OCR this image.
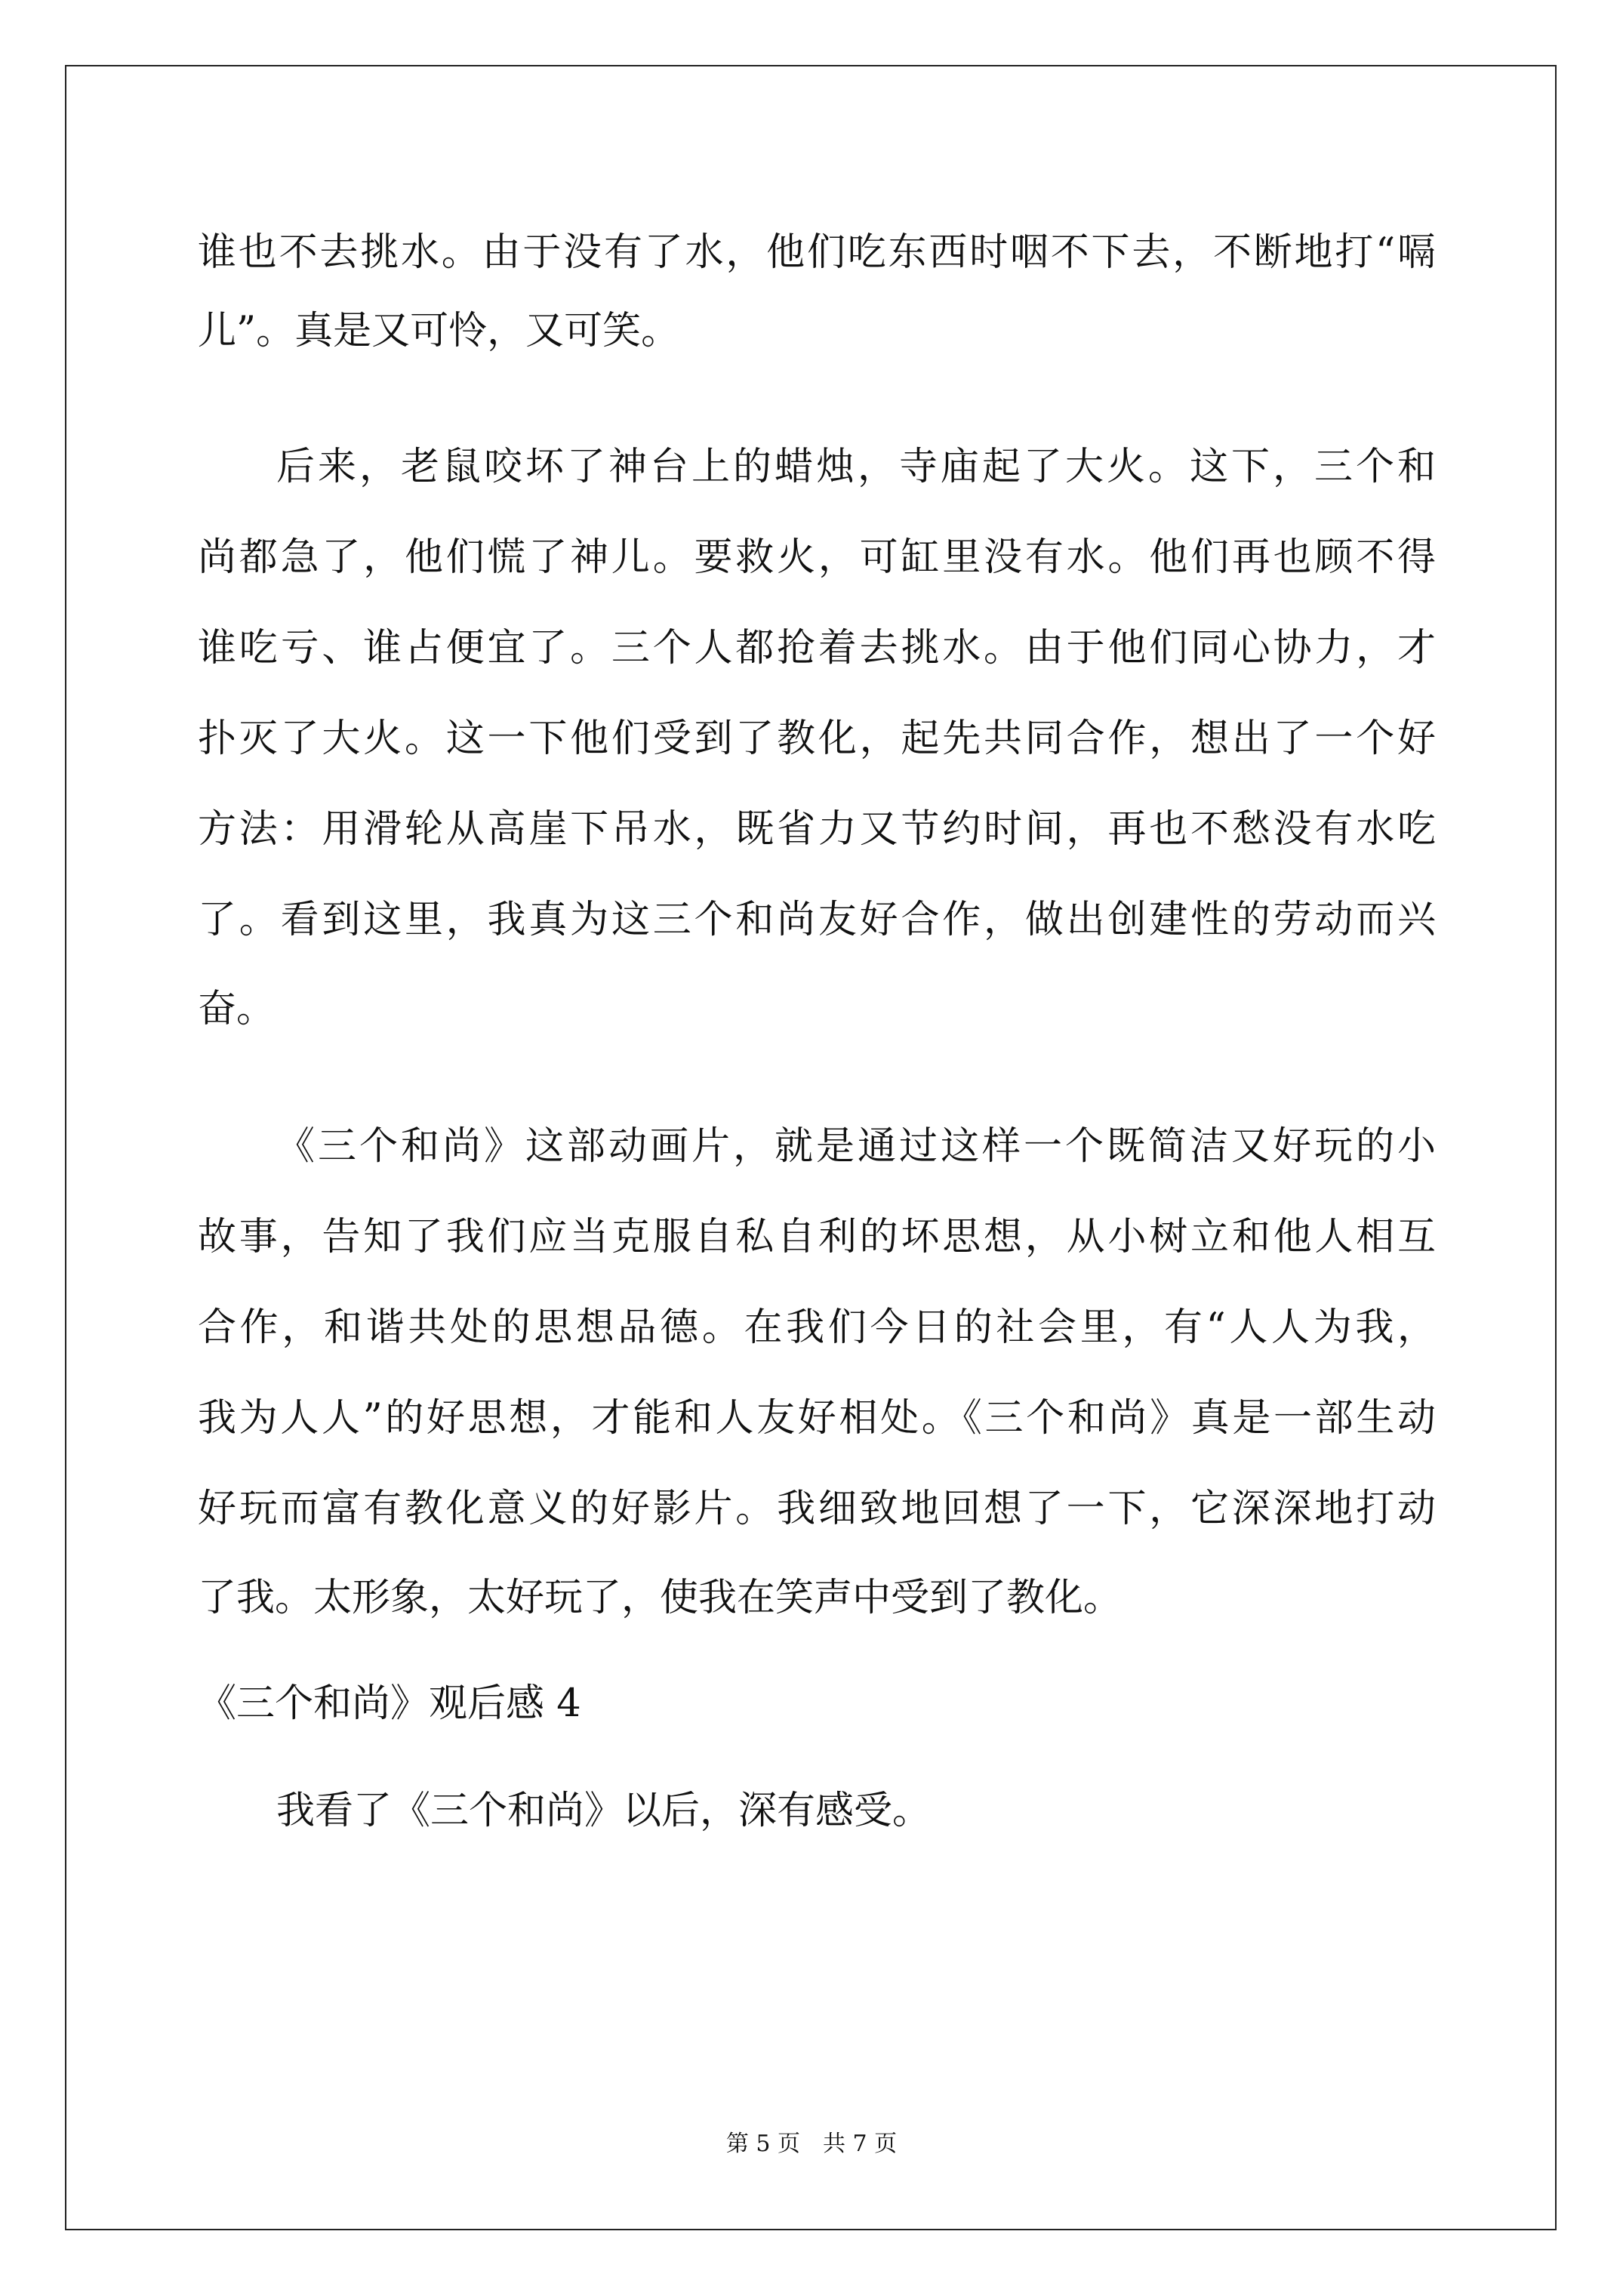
谁也不去挑水。由于没有了水，他们吃东西时咽不下去，不断地打“嗝
儿”。真是又可怜，又可笑。
后来，老鼠咬坏了神台上的蜡烛，寺庙起了大火。这下，三个和
尚都急了，他们慌了神儿。要救火，可缸里没有水。他们再也顾不得
谁吃亏、谁占便宜了。三个人都抢着去挑水。由于他们同心协力，才
扑灭了大火。这一下他们受到了教化，起先共同合作，想出了一个好
方法：用滑轮从高崖下吊水，既省力又节约时间，再也不愁没有水吃
了。看到这里，我真为这三个和尚友好合作，做出创建性的劳动而兴
奋。
《三个和尚》这部动画片，就是通过这样一个既简洁又好玩的小
故事，告知了我们应当克服自私自利的坏思想，从小树立和他人相互
合作，和谐共处的思想品德。在我们今日的社会里，有“人人为我，
我为人人”的好思想，才能和人友好相处。《三个和尚》真是一部生动
好玩而富有教化意义的好影片。我细致地回想了一下，它深深地打动
了我。太形象，太好玩了，使我在笑声中受到了教化。
《三个和尚》观后感 4
我看了《三个和尚》以后，深有感受。
第 5 页　共 7 页
